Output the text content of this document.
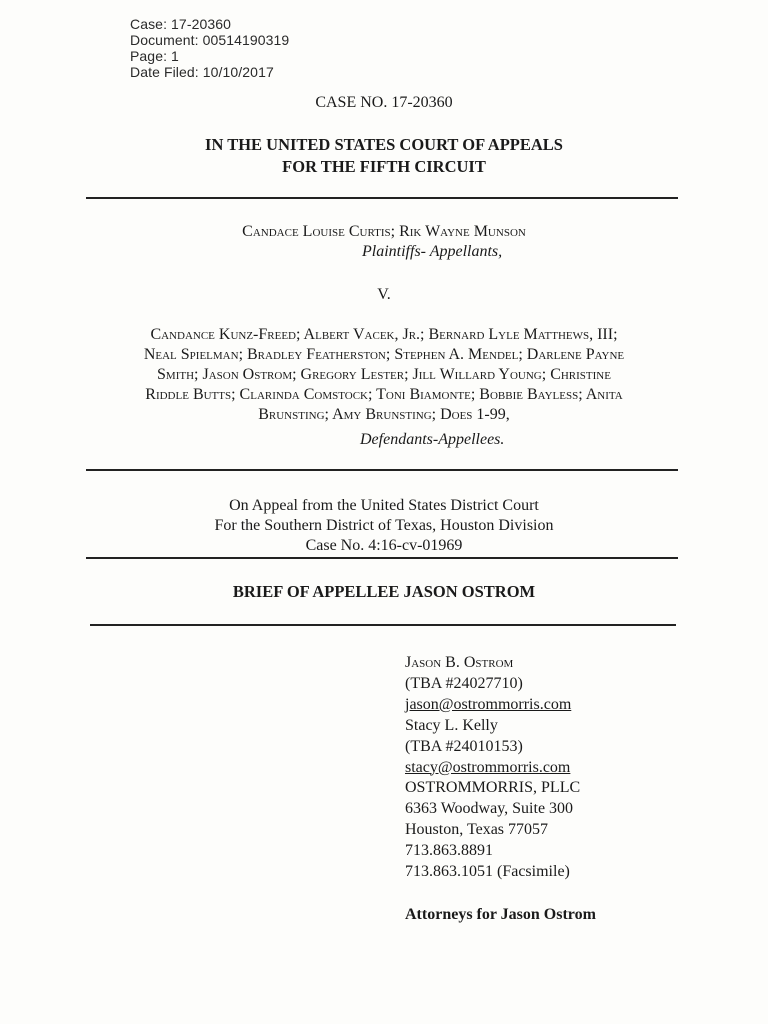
Case: 17-20360
Document: 00514190319
Page: 1
Date Filed: 10/10/2017

CASE NO. 17-20360
IN THE UNITED STATES COURT OF APPEALS
FOR THE FIFTH CIRCUIT
Candace Louise Curtis; Rik Wayne Munson
Plaintiffs- Appellants,
V.
Candance Kunz-Freed; Albert Vacek, Jr.; Bernard Lyle Matthews, III;
Neal Spielman; Bradley Featherston; Stephen A. Mendel; Darlene Payne
Smith; Jason Ostrom; Gregory Lester; Jill Willard Young; Christine
Riddle Butts; Clarinda Comstock; Toni Biamonte; Bobbie Bayless; Anita
Brunsting; Amy Brunsting; Does 1-99,
Defendants-Appellees.
On Appeal from the United States District Court
For the Southern District of Texas, Houston Division
Case No. 4:16-cv-01969
BRIEF OF APPELLEE JASON OSTROM
Jason B. Ostrom
(TBA #24027710)
jason@ostrommorris.com
Stacy L. Kelly
(TBA #24010153)
stacy@ostrommorris.com
OSTROMMORRIS, PLLC
6363 Woodway, Suite 300
Houston, Texas 77057
713.863.8891
713.863.1051 (Facsimile)
Attorneys for Jason Ostrom
